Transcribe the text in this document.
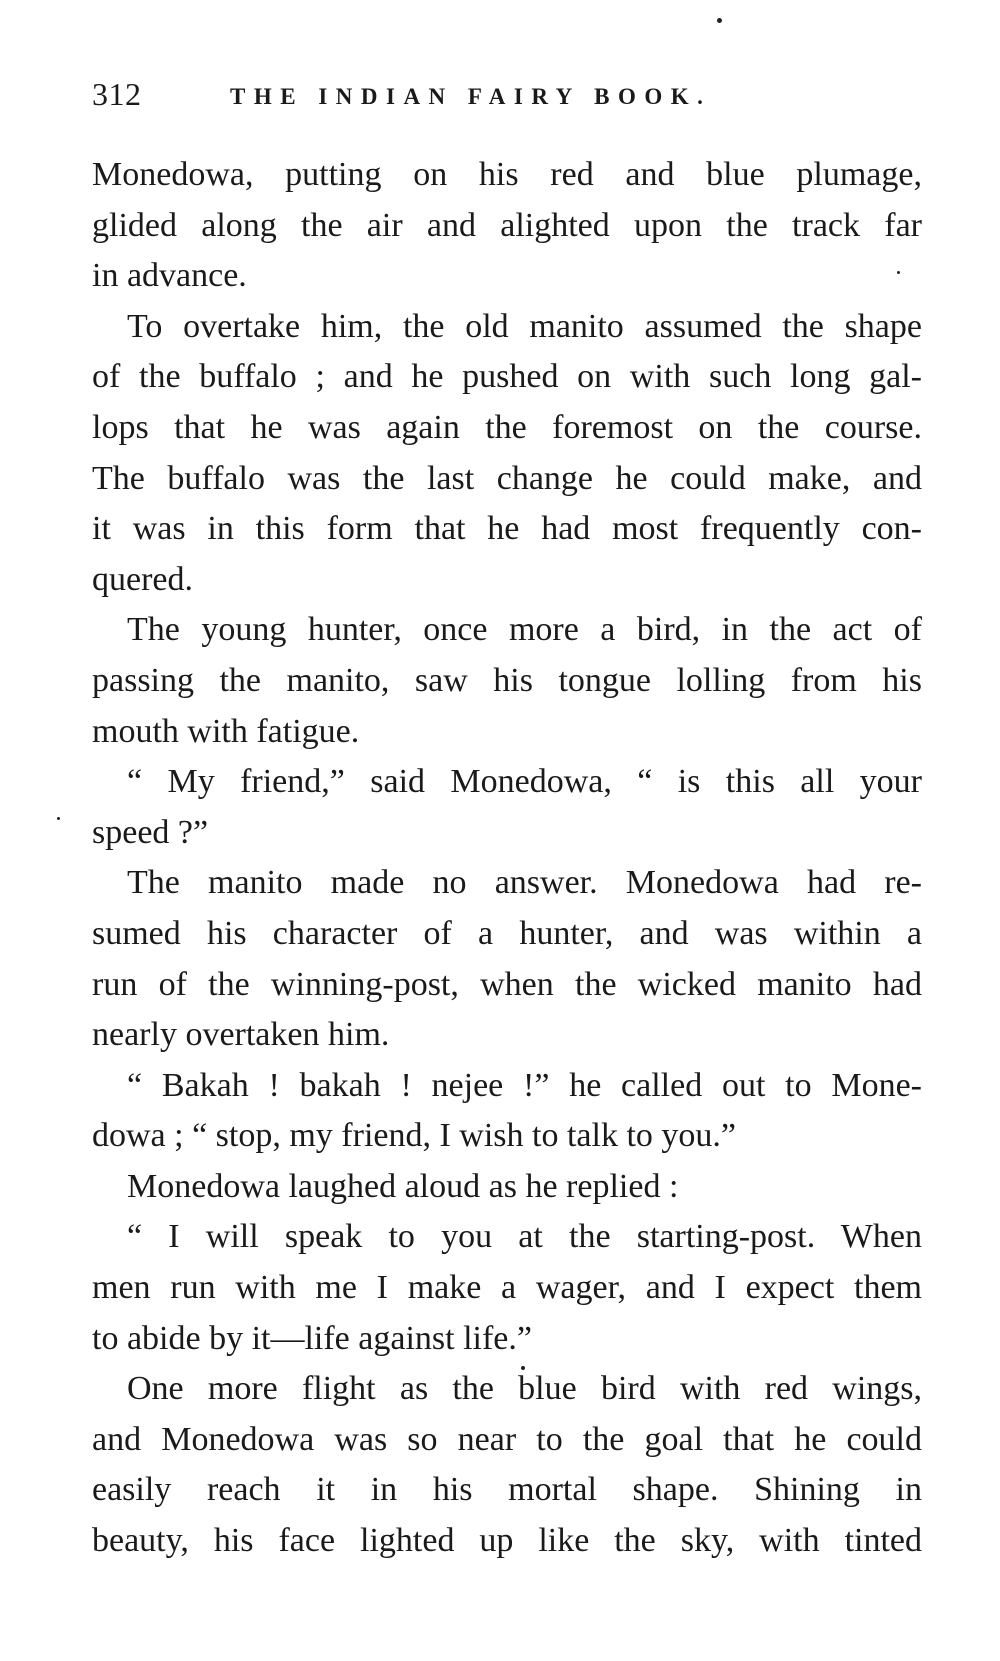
312	THE INDIAN FAIRY BOOK.
Monedowa, putting on his red and blue plumage,
glided along the air and alighted upon the track far
in advance.
To overtake him, the old manito assumed the shape
of the buffalo ; and he pushed on with such long gal-
lops that he was again the foremost on the course.
The buffalo was the last change he could make, and
it was in this form that he had most frequently con-
quered.
The young hunter, once more a bird, in the act of
passing the manito, saw his tongue lolling from his
mouth with fatigue.
“ My friend,” said Monedowa, “ is this all your
speed ?”
The manito made no answer. Monedowa had re-
sumed his character of a hunter, and was within a
run of the winning-post, when the wicked manito had
nearly overtaken him.
“ Bakah ! bakah ! nejee !” he called out to Mone-
dowa ; “ stop, my friend, I wish to talk to you.”
Monedowa laughed aloud as he replied :
“ I will speak to you at the starting-post. When
men run with me I make a wager, and I expect them
to abide by it—life against life.”
One more flight as the blue bird with red wings,
and Monedowa was so near to the goal that he could
easily reach it in his mortal shape. Shining in
beauty, his face lighted up like the sky, with tinted
